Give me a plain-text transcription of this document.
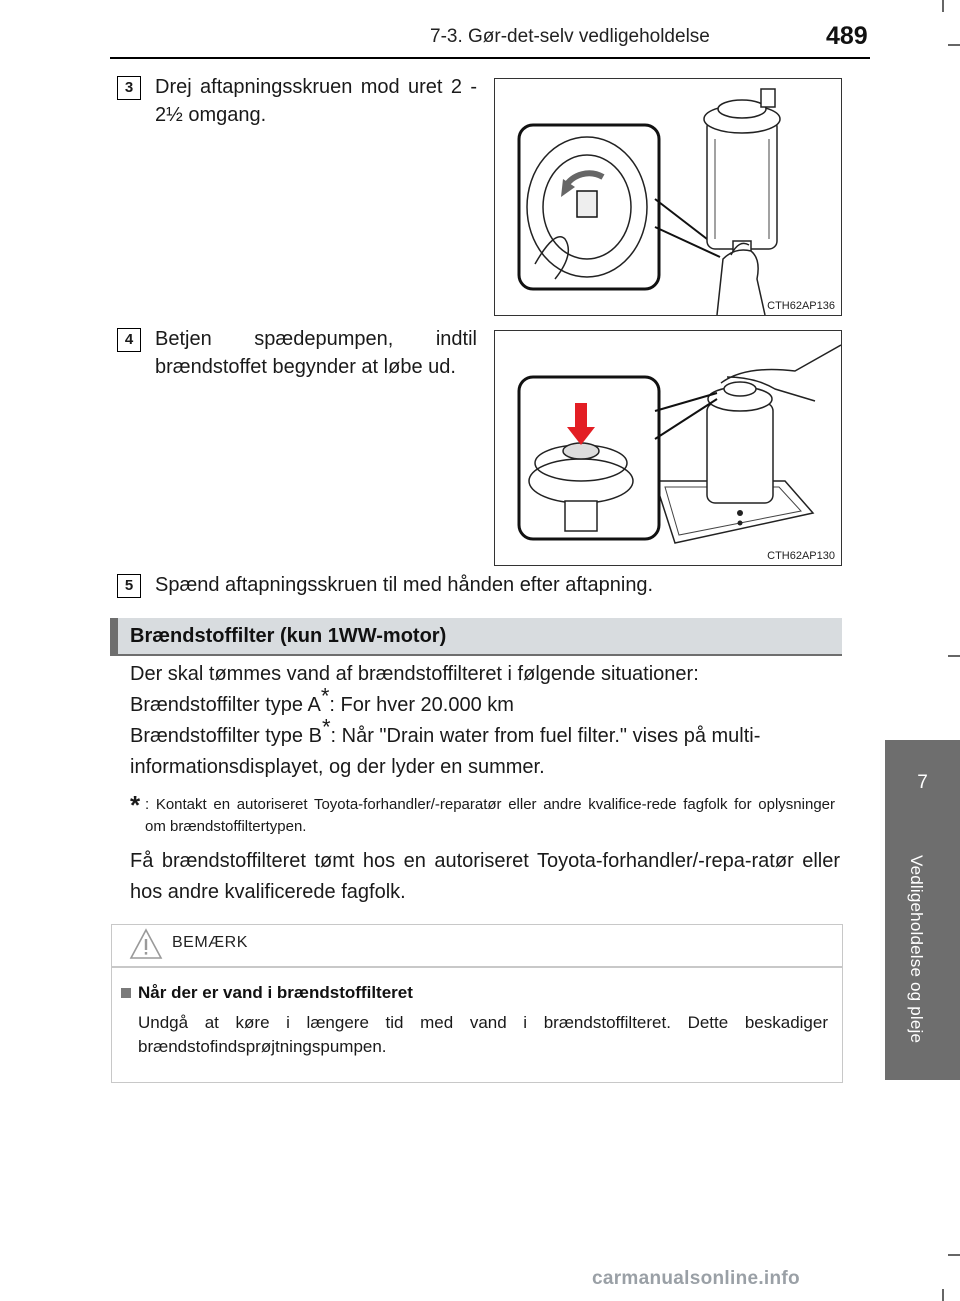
7-3. Gør-det-selv vedligeholdelse	489
7
Vedligeholdelse og pleje
3	Drej aftapningsskruen mod uret 2 - 2½ omgang.
CTH62AP136
4	Betjen spædepumpen, indtil brændstoffet begynder at løbe ud.
CTH62AP130
5	Spænd aftapningsskruen til med hånden efter aftapning.
Brændstoffilter (kun 1WW-motor)
Der skal tømmes vand af brændstoffilteret i følgende situationer:
Brændstoffilter type A*: For hver 20.000 km
Brændstoffilter type B*: Når "Drain water from fuel filter." vises på multi-informationsdisplayet, og der lyder en summer.
* : Kontakt en autoriseret Toyota-forhandler/-reparatør eller andre kvalifice-rede fagfolk for oplysninger om brændstoffiltertypen.
Få brændstoffilteret tømt hos en autoriseret Toyota-forhandler/-repa-ratør eller hos andre kvalificerede fagfolk.
BEMÆRK
Når der er vand i brændstoffilteret
Undgå at køre i længere tid med vand i brændstoffilteret. Dette beskadiger brændstofindsprøjtningspumpen.
carmanualsonline.info
